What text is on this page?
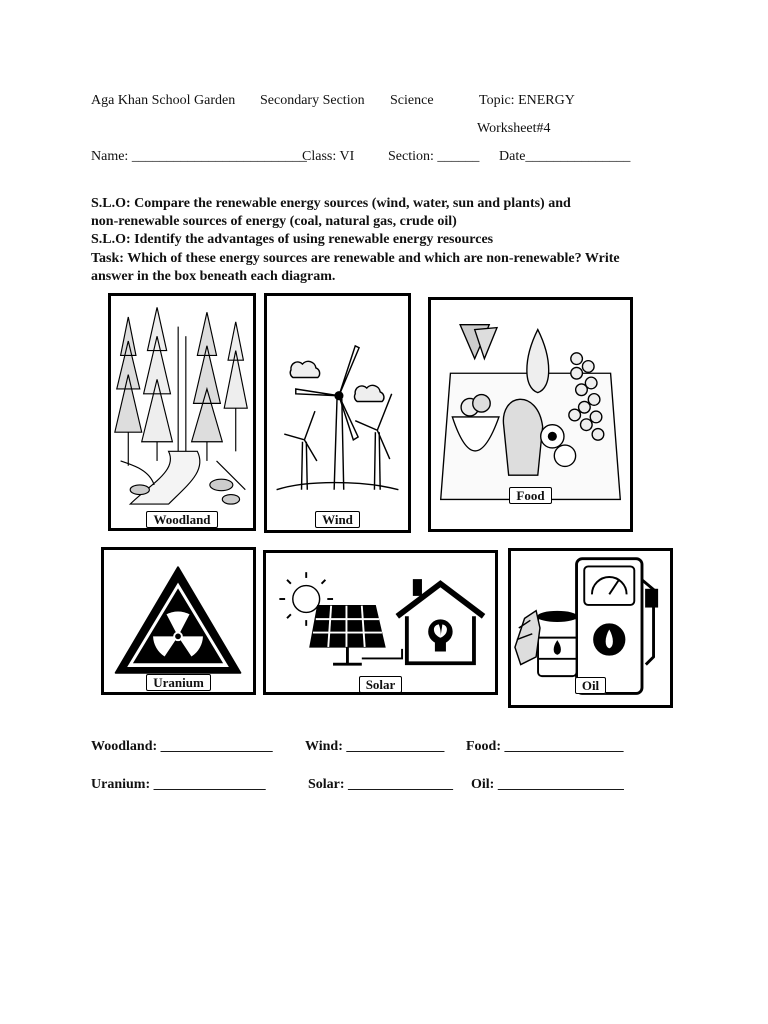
Aga Khan School Garden Secondary Section Science	Topic: ENERGY
Worksheet#4
Name: _________________________
Class: VI Section: ______ Date_______________
S.L.O: Compare the renewable energy sources (wind, water, sun and plants) and
non-renewable sources of energy (coal, natural gas, crude oil)
S.L.O: Identify the advantages of using renewable energy resources
Task: Which of these energy sources are renewable and which are non-renewable? Write
answer in the box beneath each diagram.
Woodland	Wind
Food
Uranium	Solar	Oil
Woodland: ________________ Wind: ______________ Food: _________________
Uranium: ________________	Solar: _______________ Oil: __________________
